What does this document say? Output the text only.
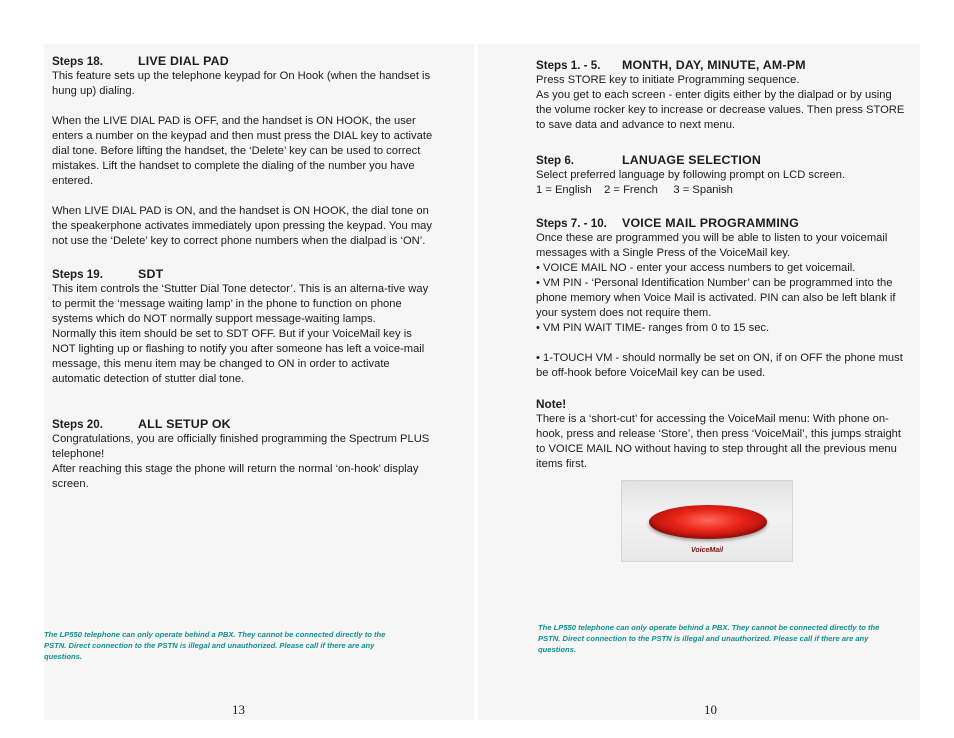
Steps 18.	LIVE DIAL PAD

This feature sets up the telephone keypad for On Hook (when the handset is hung up) dialing.

When the LIVE DIAL PAD is OFF, and the handset is ON HOOK, the user enters a number on the keypad and then must press the DIAL key to activate dial tone. Before lifting the handset, the ‘Delete’ key can be used to correct mistakes. Lift the handset to complete the dialing of the number you have entered.

When LIVE DIAL PAD is ON, and the handset is ON HOOK, the dial tone on the speakerphone activates immediately upon pressing the keypad. You may not use the ‘Delete’ key to correct phone numbers when the dialpad is ‘ON’.

Steps 19.	SDT

This item controls the ‘Stutter Dial Tone detector’. This is an alterna-tive way to permit the ‘message waiting lamp’ in the phone to function on phone systems which do NOT normally support message-waiting lamps.

Normally this item should be set to SDT OFF. But if your VoiceMail key is NOT lighting up or flashing to notify you after someone has left a voice-mail message, this menu item may be changed to ON in order to activate automatic detection of stutter dial tone.

Steps 20.	ALL SETUP OK

Congratulations, you are officially finished programming the Spectrum PLUS telephone!

After reaching this stage the phone will return the normal ‘on-hook’ display screen.

The LP550 telephone can only operate behind a PBX. They cannot be connected directly to the PSTN. Direct connection to the PSTN is illegal and unauthorized. Please call if there are any questions.
13
Steps 1. - 5. MONTH, DAY, MINUTE, AM-PM

Press STORE key to initiate Programming sequence.

As you get to each screen - enter digits either by the dialpad or by using the volume rocker key to increase or decrease values. Then press STORE to save data and advance to next menu.

Step 6.	LANUAGE SELECTION

Select preferred language by following prompt on LCD screen.

1 = English    2 = French     3 = Spanish

Steps 7. - 10. VOICE MAIL PROGRAMMING

Once these are programmed you will be able to listen to your voicemail messages with a Single Press of the VoiceMail key.

• VOICE MAIL NO - enter your access numbers to get voicemail.

• VM PIN - ‘Personal Identification Number’ can be programmed into the phone memory when Voice Mail is activated. PIN can also be left blank if your system does not require them.

• VM PIN WAIT TIME- ranges from 0 to 15 sec.

• 1-TOUCH VM - should normally be set on ON, if on OFF the phone must be off-hook before VoiceMail key can be used.

Note!

There is a ‘short-cut’ for accessing the VoiceMail menu: With phone on-hook, press and release ‘Store’, then press ‘VoiceMail’, this jumps straight to VOICE MAIL NO without having to step throught all the previous menu items first.

VoiceMail
The LP550 telephone can only operate behind a PBX. They cannot be connected directly to the PSTN. Direct connection to the PSTN is illegal and unauthorized. Please call if there are any questions.
10
